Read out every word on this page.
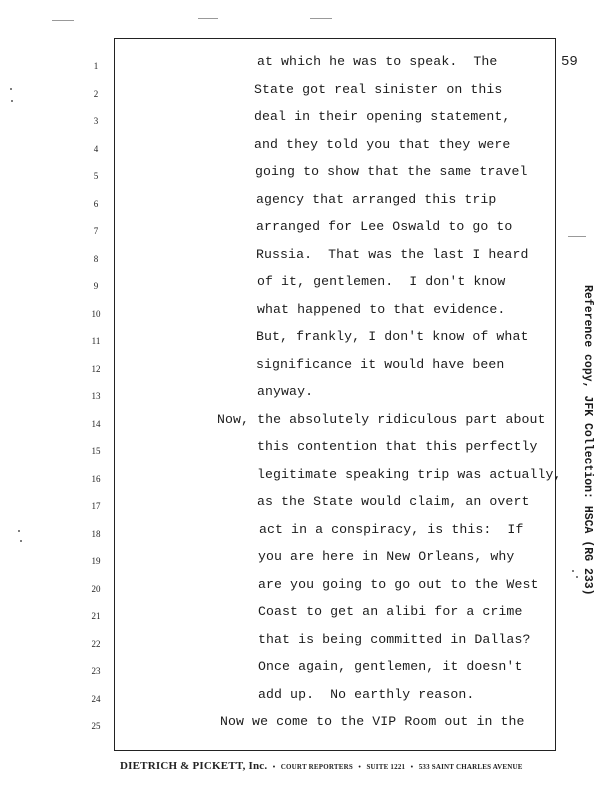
59
1	at which he was to speak.  The
2	State got real sinister on this
3	deal in their opening statement,
4	and they told you that they were
5	going to show that the same travel
6	agency that arranged this trip
7	arranged for Lee Oswald to go to
8	Russia.  That was the last I heard
9	of it, gentlemen.  I don't know
10	what happened to that evidence.
11	But, frankly, I don't know of what
12	significance it would have been
13	anyway.
14	Now, the absolutely ridiculous part about
15	this contention that this perfectly
16	legitimate speaking trip was actually,
17	as the State would claim, an overt
18	act in a conspiracy, is this:  If
19	you are here in New Orleans, why
20	are you going to go out to the West
21	Coast to get an alibi for a crime
22	that is being committed in Dallas?
23	Once again, gentlemen, it doesn't
24	add up.  No earthly reason.
25	Now we come to the VIP Room out in the
DIETRICH & PICKETT, Inc. • COURT REPORTERS • SUITE 1221 • 533 SAINT CHARLES AVENUE
Reference copy, JFK Collection: HSCA (RG 233)
